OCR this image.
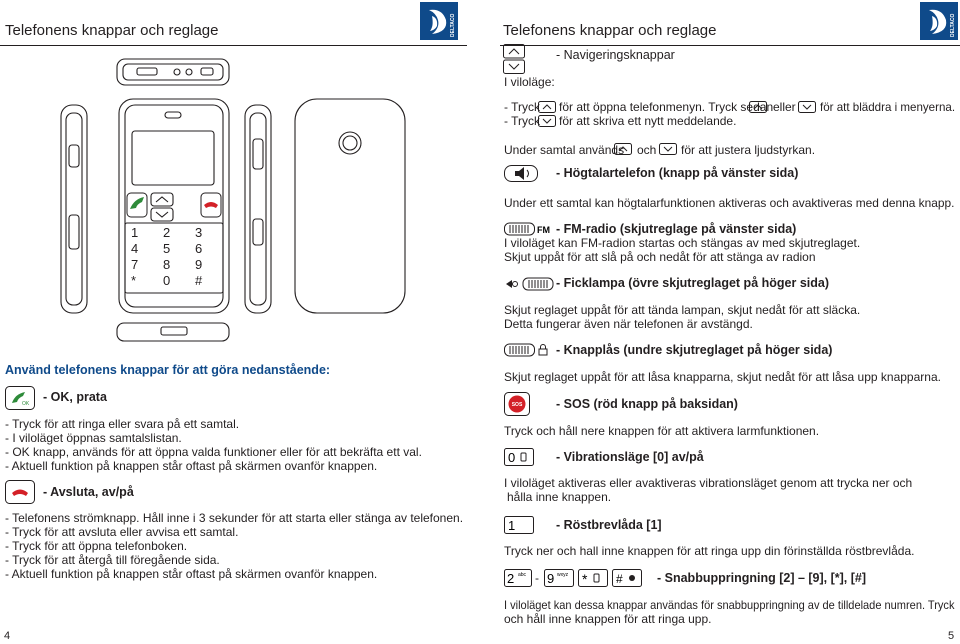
Telefonens knappar och reglage	DELTACO
1 2 3
4 5 6
7 8 9
* 0 #
Använd telefonens knappar för att göra nedanstående:
OK - OK, prata
- Tryck för att ringa eller svara på ett samtal.
- I viloläget öppnas samtalslistan.
- OK knapp, används för att öppna valda funktioner eller för att bekräfta ett val.
- Aktuell funktion på knappen står oftast på skärmen ovanför knappen.
- Avsluta, av/på
- Telefonens strömknapp. Håll inne i 3 sekunder för att starta eller stänga av telefonen.
- Tryck för att avsluta eller avvisa ett samtal.
- Tryck för att öppna telefonboken.
- Tryck för att återgå till föregående sida.
- Aktuell funktion på knappen står oftast på skärmen ovanför knappen.
4
Telefonens knappar och reglage	DELTACO
- Navigeringsknappar
I viloläge:
- Tryck för att öppna telefonmenyn. Tryck sedan eller för att bläddra i menyerna.
- Tryck för att skriva ett nytt meddelande.
Under samtal används och för att justera ljudstyrkan.
- Högtalartelefon (knapp på vänster sida)
Under ett samtal kan högtalarfunktionen aktiveras och avaktiveras med denna knapp.
FM - FM-radio (skjutreglage på vänster sida)
I viloläget kan FM-radion startas och stängas av med skjutreglaget.
Skjut uppåt för att slå på och nedåt för att stänga av radion
- Ficklampa (övre skjutreglaget på höger sida)
Skjut reglaget uppåt för att tända lampan, skjut nedåt för att släcka.
Detta fungerar även när telefonen är avstängd.
- Knapplås (undre skjutreglaget på höger sida)
Skjut reglaget uppåt för att låsa knapparna, skjut nedåt för att låsa upp knapparna.
SOS	- SOS (röd knapp på baksidan)
Tryck och håll nere knappen för att aktivera larmfunktionen.
0	- Vibrationsläge [0] av/på
I viloläget aktiveras eller avaktiveras vibrationsläget genom att trycka ner och
hålla inne knappen.
1	- Röstbrevlåda [1]
Tryck ner och hall inne knappen för att ringa upp din förinställda röstbrevlåda.
2 abc - 9 wxyz * #	- Snabbuppringning [2] – [9], [*], [#]
I viloläget kan dessa knappar användas för snabbuppringning av de tilldelade numren. Tryck
och håll inne knappen för att ringa upp.
5
